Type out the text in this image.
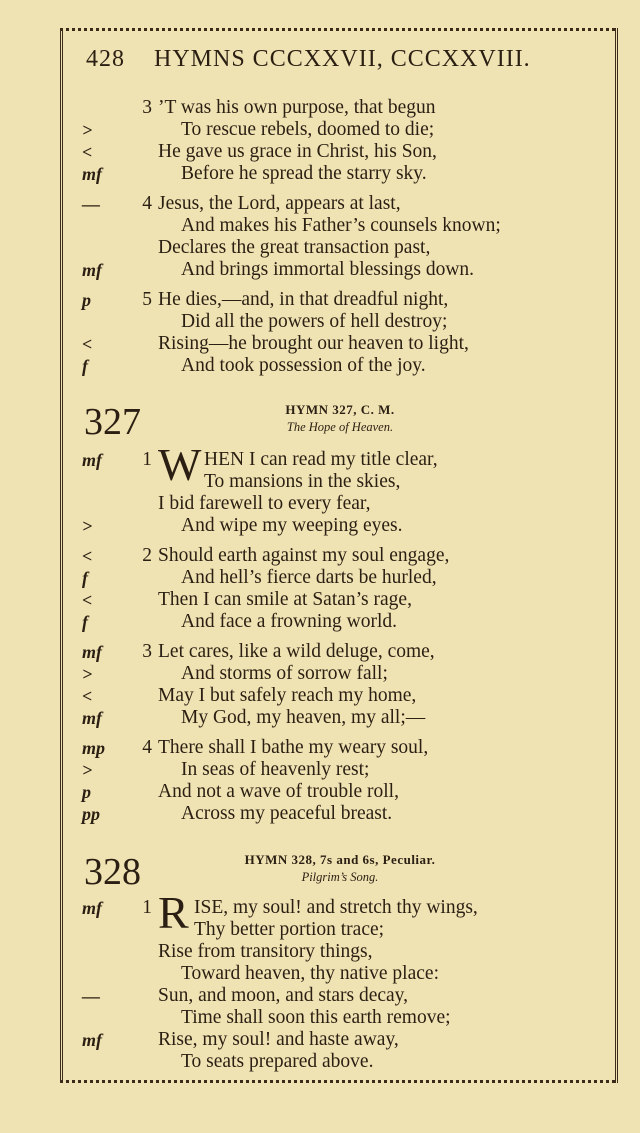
428 HYMNS CCCXXVII, CCCXXVIII.
3 ’T was his own purpose, that begun
>	To rescue rebels, doomed to die;
<	He gave us grace in Christ, his Son,
mf	Before he spread the starry sky.
—	4 Jesus, the Lord, appears at last,
And makes his Father’s counsels known;
Declares the great transaction past,
mf	And brings immortal blessings down.
p	5 He dies,—and, in that dreadful night,
Did all the powers of hell destroy;
<	Rising—he brought our heaven to light,
f	And took possession of the joy.
327	HYMN 327, C. M.
The Hope of Heaven.
mf	1 W HEN I can read my title clear,
To mansions in the skies,
I bid farewell to every fear,
>	And wipe my weeping eyes.
<	2 Should earth against my soul engage,
f	And hell’s fierce darts be hurled,
<	Then I can smile at Satan’s rage,
f	And face a frowning world.
mf	3 Let cares, like a wild deluge, come,
>	And storms of sorrow fall;
<	May I but safely reach my home,
mf	My God, my heaven, my all;—
mp	4 There shall I bathe my weary soul,
>	In seas of heavenly rest;
p	And not a wave of trouble roll,
pp	Across my peaceful breast.
328	HYMN 328, 7s and 6s, Peculiar.
Pilgrim’s Song.
mf	1 R ISE, my soul! and stretch thy wings,
Thy better portion trace;
Rise from transitory things,
Toward heaven, thy native place:
—	Sun, and moon, and stars decay,
Time shall soon this earth remove;
mf	Rise, my soul! and haste away,
To seats prepared above.
